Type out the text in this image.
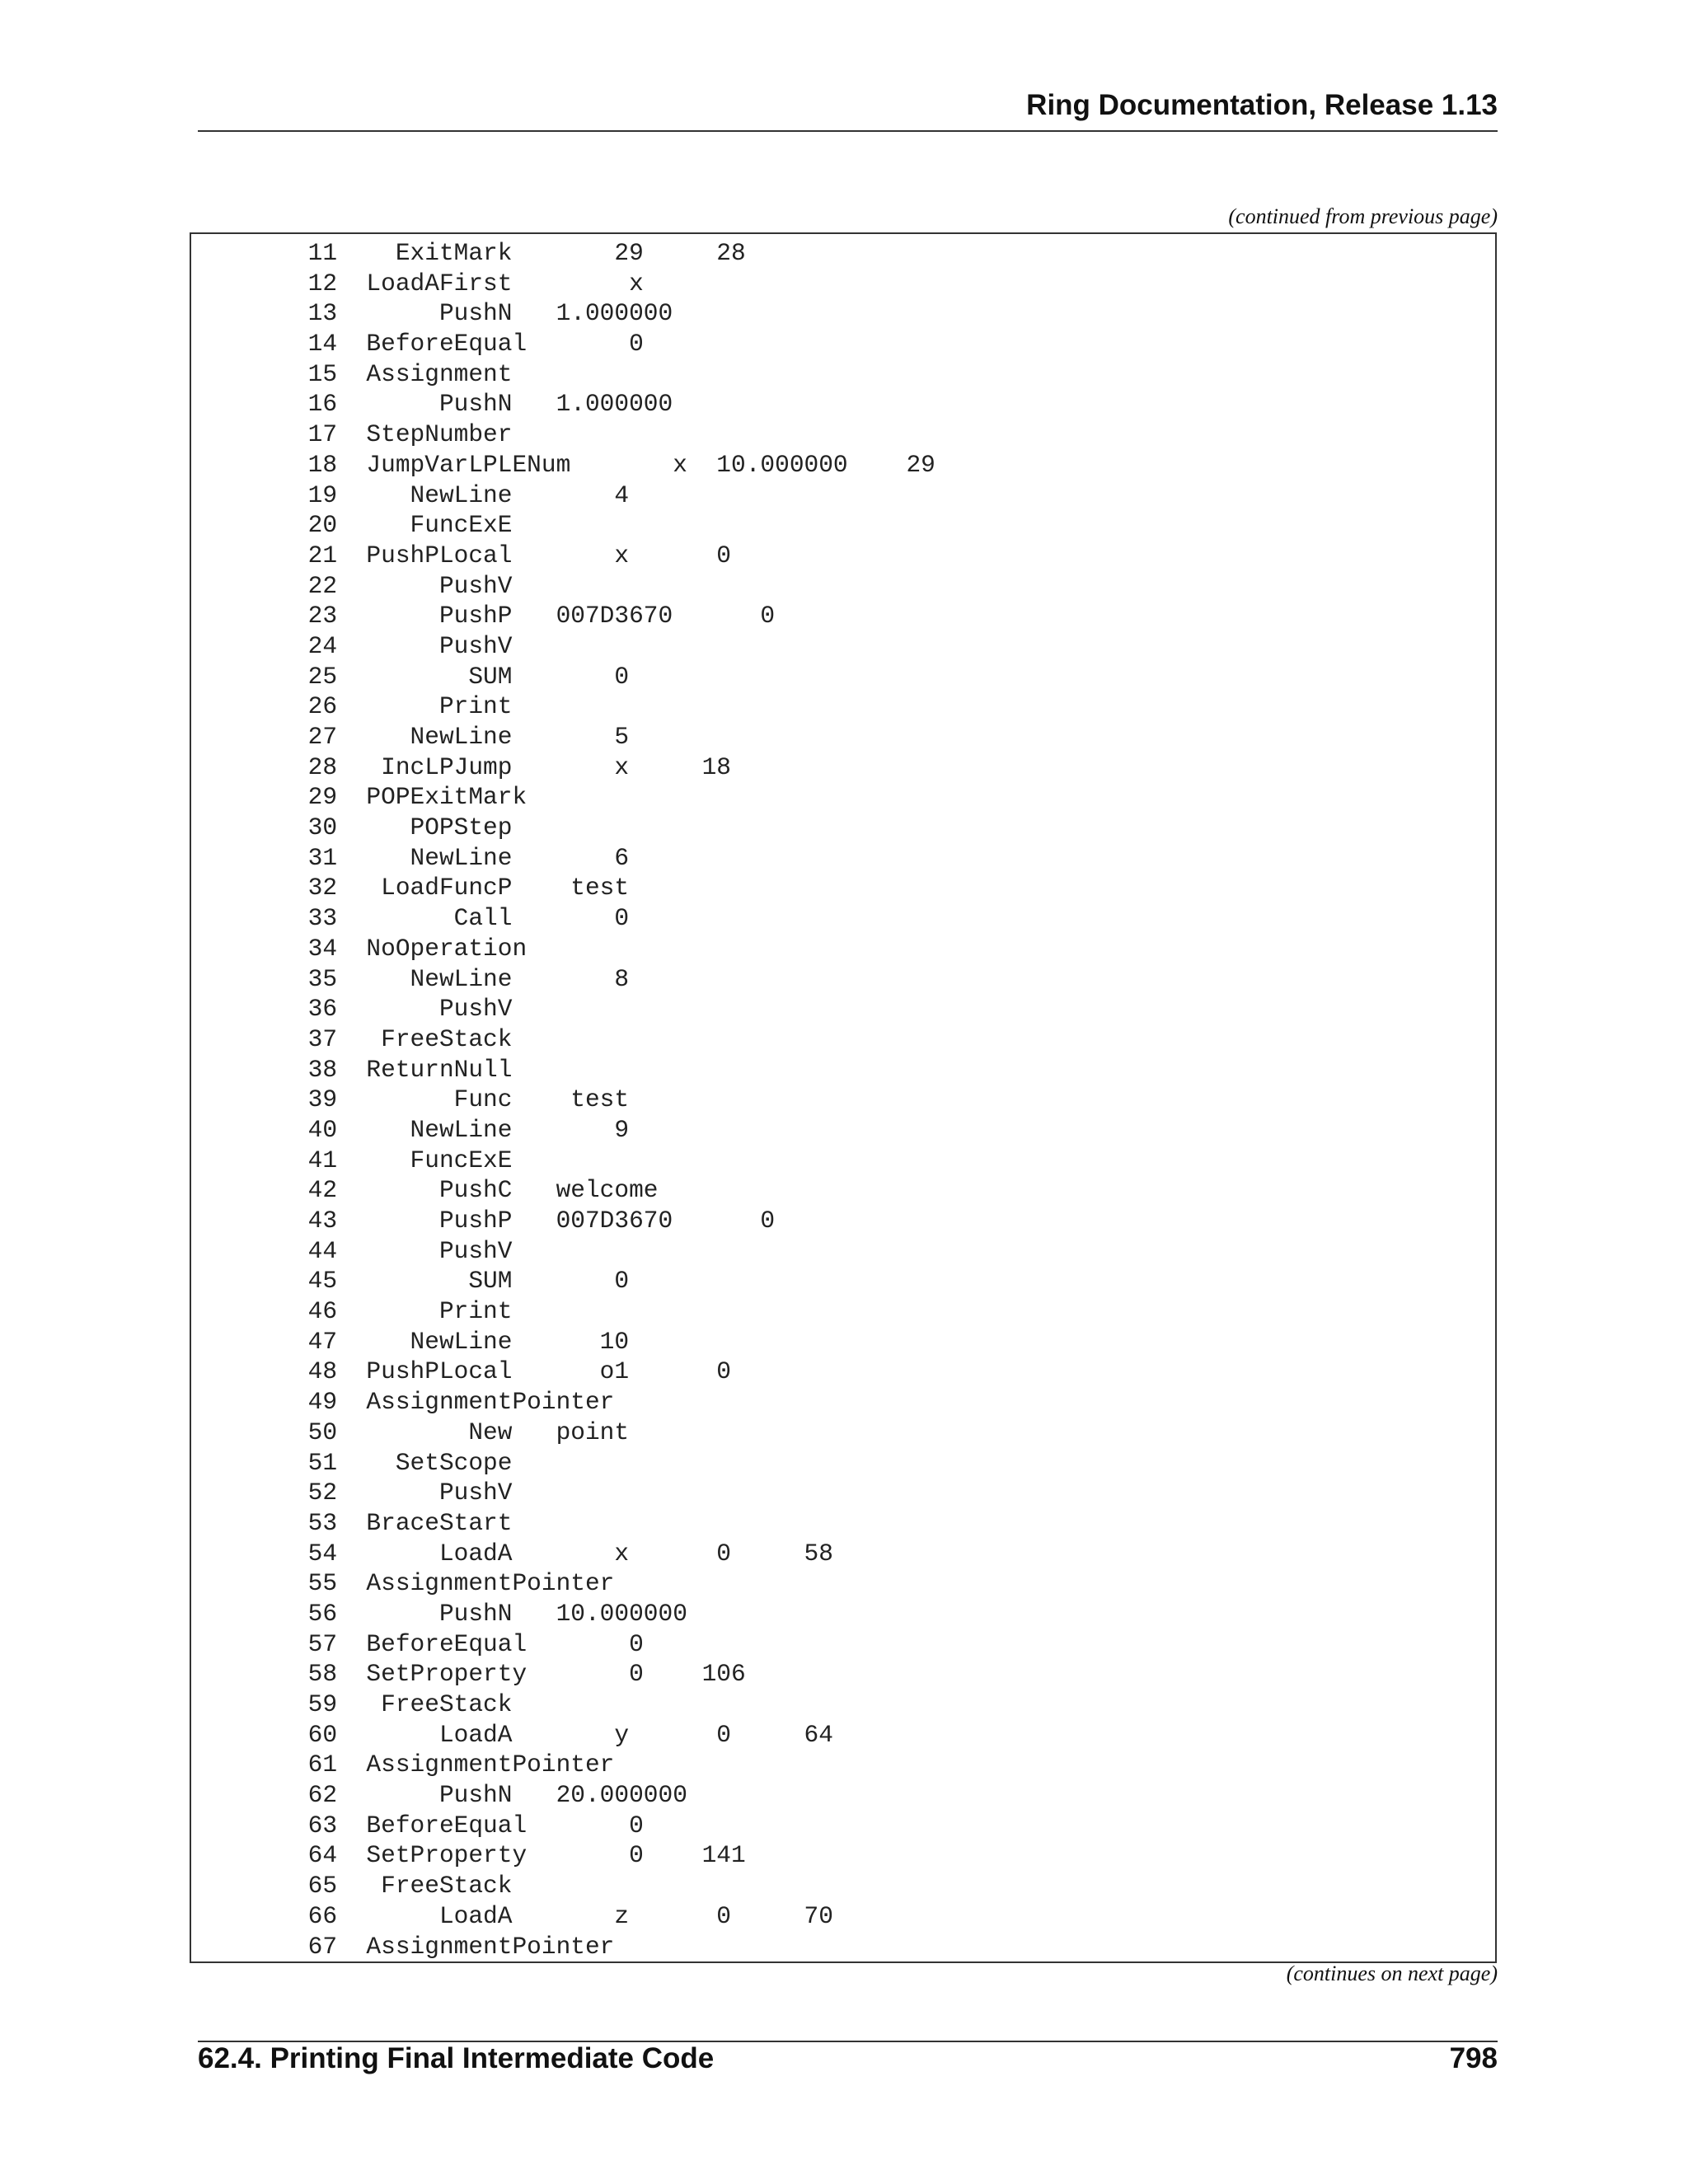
Ring Documentation, Release 1.13
(continued from previous page)
11    ExitMark       29     28
12  LoadAFirst        x
13       PushN   1.000000
14  BeforeEqual       0
15  Assignment
16       PushN   1.000000
17  StepNumber
18  JumpVarLPLENum       x  10.000000    29
19     NewLine       4
20     FuncExE
21  PushPLocal       x      0
22       PushV
23       PushP   007D3670      0
24       PushV
25         SUM       0
26       Print
27     NewLine       5
28   IncLPJump       x     18
29  POPExitMark
30     POPStep
31     NewLine       6
32   LoadFuncP    test
33        Call       0
34  NoOperation
35     NewLine       8
36       PushV
37   FreeStack
38  ReturnNull
39        Func    test
40     NewLine       9
41     FuncExE
42       PushC   welcome
43       PushP   007D3670      0
44       PushV
45         SUM       0
46       Print
47     NewLine      10
48  PushPLocal      o1      0
49  AssignmentPointer
50         New   point
51    SetScope
52       PushV
53  BraceStart
54       LoadA       x      0     58
55  AssignmentPointer
56       PushN   10.000000
57  BeforeEqual       0
58  SetProperty       0    106
59   FreeStack
60       LoadA       y      0     64
61  AssignmentPointer
62       PushN   20.000000
63  BeforeEqual       0
64  SetProperty       0    141
65   FreeStack
66       LoadA       z      0     70
67  AssignmentPointer
(continues on next page)
62.4. Printing Final Intermediate Code	798
